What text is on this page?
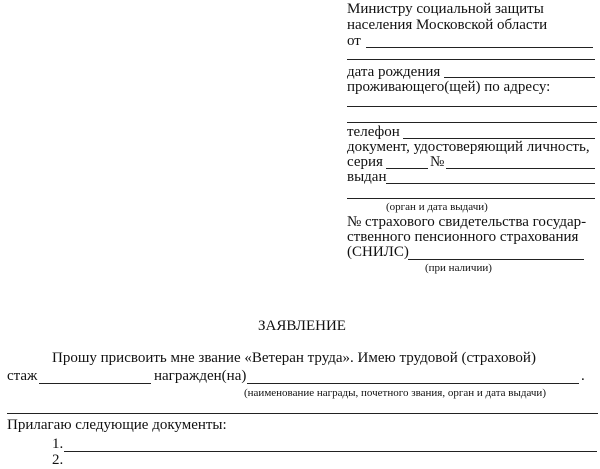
Министру социальной защиты
населения Московской области
от
дата рождения
проживающего(щей) по адресу:
телефон
документ, удостоверяющий личность,
серия	№
выдан
(орган и дата выдачи)
№ страхового свидетельства государ-
ственного пенсионного страхования
(СНИЛС)
(при наличии)
ЗАЯВЛЕНИЕ
Прошу присвоить мне звание «Ветеран труда». Имею трудовой (страховой)
стаж	награжден(на)	.
(наименование награды, почетного звания, орган и дата выдачи)
Прилагаю следующие документы:
1.
2.
